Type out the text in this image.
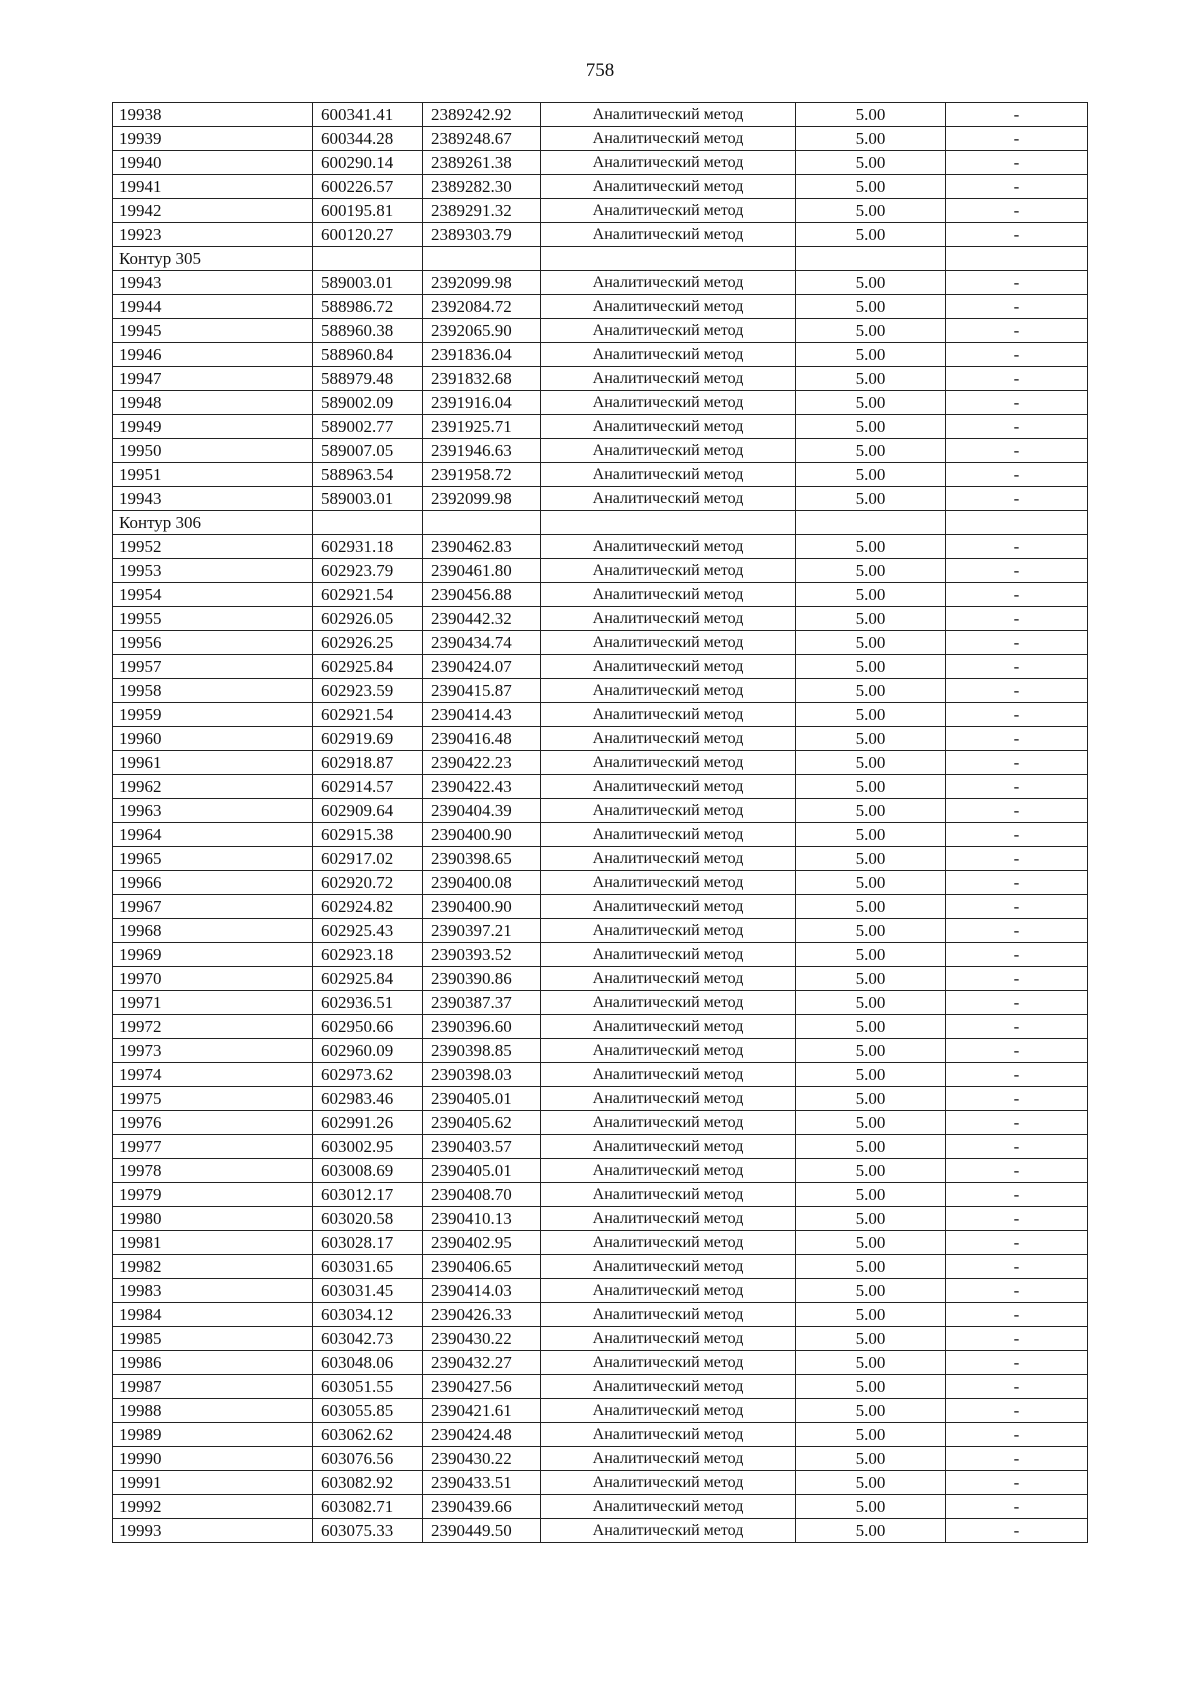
758
19938	600341.41	2389242.92	Аналитический метод	5.00	-
19939	600344.28	2389248.67	Аналитический метод	5.00	-
19940	600290.14	2389261.38	Аналитический метод	5.00	-
19941	600226.57	2389282.30	Аналитический метод	5.00	-
19942	600195.81	2389291.32	Аналитический метод	5.00	-
19923	600120.27	2389303.79	Аналитический метод	5.00	-
Контур 305					
19943	589003.01	2392099.98	Аналитический метод	5.00	-
19944	588986.72	2392084.72	Аналитический метод	5.00	-
19945	588960.38	2392065.90	Аналитический метод	5.00	-
19946	588960.84	2391836.04	Аналитический метод	5.00	-
19947	588979.48	2391832.68	Аналитический метод	5.00	-
19948	589002.09	2391916.04	Аналитический метод	5.00	-
19949	589002.77	2391925.71	Аналитический метод	5.00	-
19950	589007.05	2391946.63	Аналитический метод	5.00	-
19951	588963.54	2391958.72	Аналитический метод	5.00	-
19943	589003.01	2392099.98	Аналитический метод	5.00	-
Контур 306					
19952	602931.18	2390462.83	Аналитический метод	5.00	-
19953	602923.79	2390461.80	Аналитический метод	5.00	-
19954	602921.54	2390456.88	Аналитический метод	5.00	-
19955	602926.05	2390442.32	Аналитический метод	5.00	-
19956	602926.25	2390434.74	Аналитический метод	5.00	-
19957	602925.84	2390424.07	Аналитический метод	5.00	-
19958	602923.59	2390415.87	Аналитический метод	5.00	-
19959	602921.54	2390414.43	Аналитический метод	5.00	-
19960	602919.69	2390416.48	Аналитический метод	5.00	-
19961	602918.87	2390422.23	Аналитический метод	5.00	-
19962	602914.57	2390422.43	Аналитический метод	5.00	-
19963	602909.64	2390404.39	Аналитический метод	5.00	-
19964	602915.38	2390400.90	Аналитический метод	5.00	-
19965	602917.02	2390398.65	Аналитический метод	5.00	-
19966	602920.72	2390400.08	Аналитический метод	5.00	-
19967	602924.82	2390400.90	Аналитический метод	5.00	-
19968	602925.43	2390397.21	Аналитический метод	5.00	-
19969	602923.18	2390393.52	Аналитический метод	5.00	-
19970	602925.84	2390390.86	Аналитический метод	5.00	-
19971	602936.51	2390387.37	Аналитический метод	5.00	-
19972	602950.66	2390396.60	Аналитический метод	5.00	-
19973	602960.09	2390398.85	Аналитический метод	5.00	-
19974	602973.62	2390398.03	Аналитический метод	5.00	-
19975	602983.46	2390405.01	Аналитический метод	5.00	-
19976	602991.26	2390405.62	Аналитический метод	5.00	-
19977	603002.95	2390403.57	Аналитический метод	5.00	-
19978	603008.69	2390405.01	Аналитический метод	5.00	-
19979	603012.17	2390408.70	Аналитический метод	5.00	-
19980	603020.58	2390410.13	Аналитический метод	5.00	-
19981	603028.17	2390402.95	Аналитический метод	5.00	-
19982	603031.65	2390406.65	Аналитический метод	5.00	-
19983	603031.45	2390414.03	Аналитический метод	5.00	-
19984	603034.12	2390426.33	Аналитический метод	5.00	-
19985	603042.73	2390430.22	Аналитический метод	5.00	-
19986	603048.06	2390432.27	Аналитический метод	5.00	-
19987	603051.55	2390427.56	Аналитический метод	5.00	-
19988	603055.85	2390421.61	Аналитический метод	5.00	-
19989	603062.62	2390424.48	Аналитический метод	5.00	-
19990	603076.56	2390430.22	Аналитический метод	5.00	-
19991	603082.92	2390433.51	Аналитический метод	5.00	-
19992	603082.71	2390439.66	Аналитический метод	5.00	-
19993	603075.33	2390449.50	Аналитический метод	5.00	-
